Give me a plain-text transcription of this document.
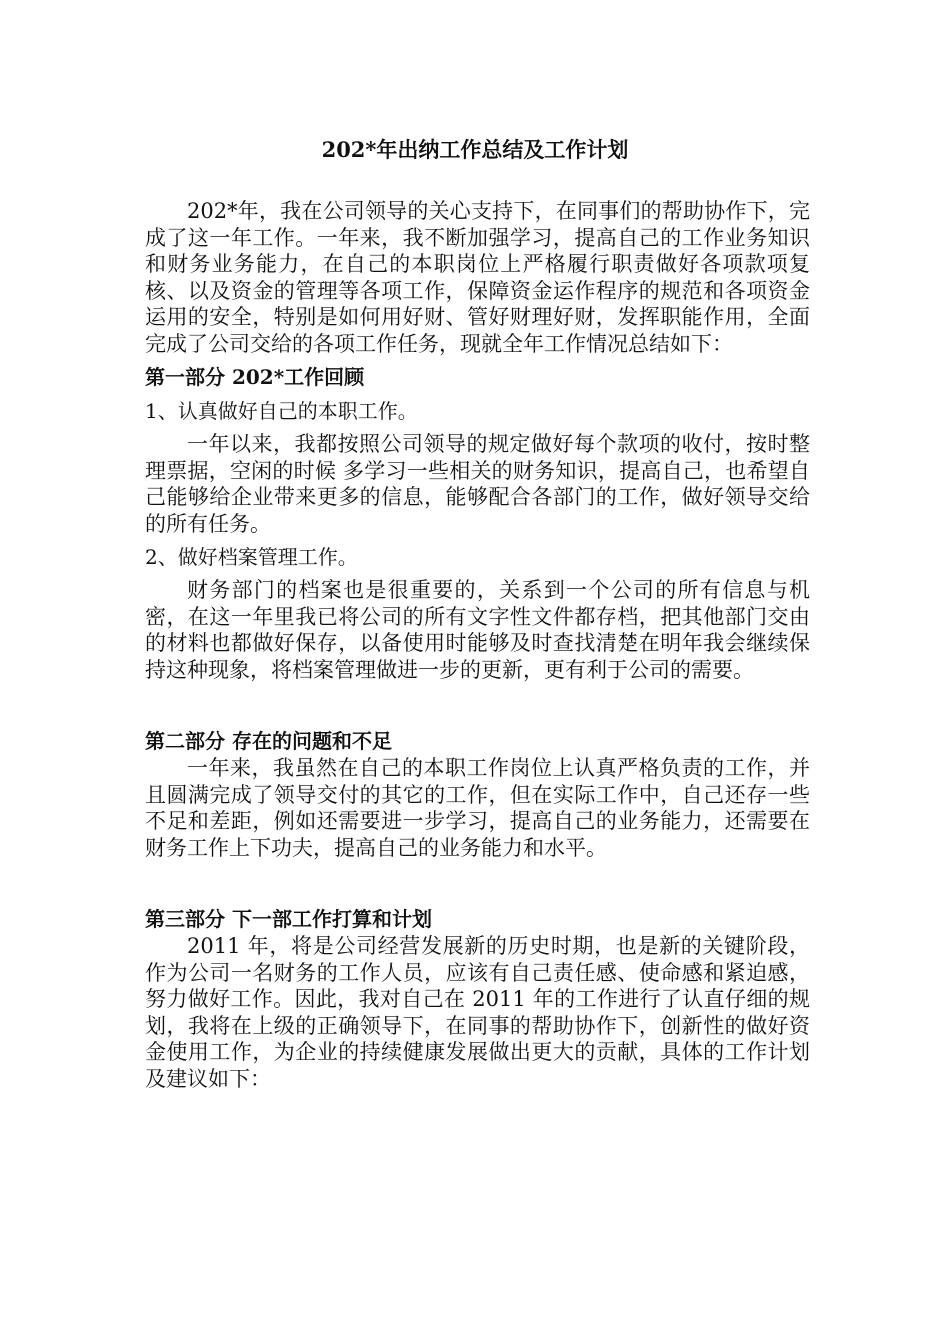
202*年出纳工作总结及工作计划

202*年，我在公司领导的关心支持下，在同事们的帮助协作下，完成了这一年工作。一年来，我不断加强学习，提高自己的工作业务知识和财务业务能力，在自己的本职岗位上严格履行职责做好各项款项复核、以及资金的管理等各项工作，保障资金运作程序的规范和各项资金运用的安全，特别是如何用好财、管好财理好财，发挥职能作用，全面完成了公司交给的各项工作任务，现就全年工作情况总结如下：

第一部分 202*工作回顾

1、认真做好自己的本职工作。

一年以来，我都按照公司领导的规定做好每个款项的收付，按时整理票据，空闲的时候 多学习一些相关的财务知识，提高自己，也希望自己能够给企业带来更多的信息，能够配合各部门的工作，做好领导交给的所有任务。

2、做好档案管理工作。

财务部门的档案也是很重要的，关系到一个公司的所有信息与机密，在这一年里我已将公司的所有文字性文件都存档，把其他部门交由的材料也都做好保存，以备使用时能够及时查找清楚在明年我会继续保持这种现象，将档案管理做进一步的更新，更有利于公司的需要。

第二部分 存在的问题和不足

一年来，我虽然在自己的本职工作岗位上认真严格负责的工作，并且圆满完成了领导交付的其它的工作，但在实际工作中，自己还存一些不足和差距，例如还需要进一步学习，提高自己的业务能力，还需要在财务工作上下功夫，提高自己的业务能力和水平。

第三部分 下一部工作打算和计划

2011 年，将是公司经营发展新的历史时期，也是新的关键阶段，作为公司一名财务的工作人员，应该有自己责任感、使命感和紧迫感，努力做好工作。因此，我对自己在 2011 年的工作进行了认直仔细的规划，我将在上级的正确领导下，在同事的帮助协作下，创新性的做好资金使用工作，为企业的持续健康发展做出更大的贡献，具体的工作计划及建议如下：
